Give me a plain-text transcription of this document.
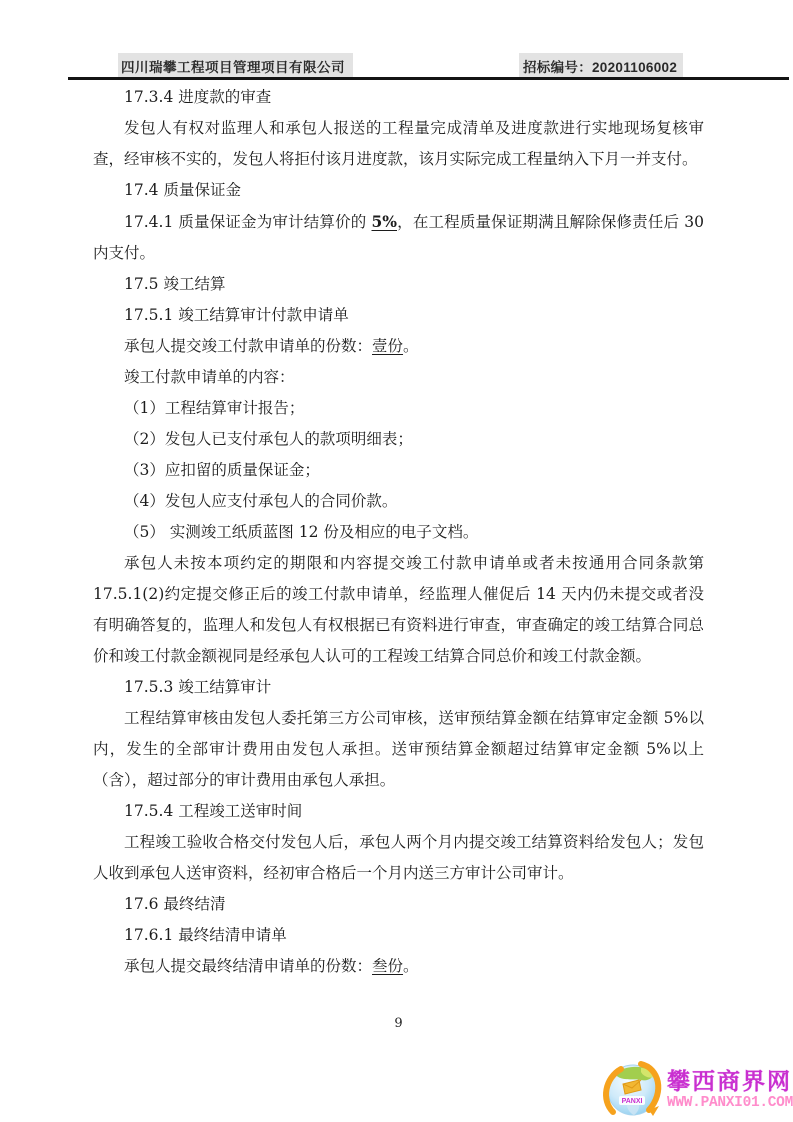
四川瑞攀工程项目管理项目有限公司	招标编号：20201106002

17.3.4 进度款的审查

发包人有权对监理人和承包人报送的工程量完成清单及进度款进行实地现场复核审查，经审核不实的，发包人将拒付该月进度款，该月实际完成工程量纳入下月一并支付。

17.4 质量保证金

17.4.1 质量保证金为审计结算价的 5%，在工程质量保证期满且解除保修责任后 30 内支付。

17.5 竣工结算

17.5.1 竣工结算审计付款申请单

承包人提交竣工付款申请单的份数：壹份。

竣工付款申请单的内容：

（1）工程结算审计报告；

（2）发包人已支付承包人的款项明细表；

（3）应扣留的质量保证金；

（4）发包人应支付承包人的合同价款。

（5） 实测竣工纸质蓝图 12 份及相应的电子文档。

承包人未按本项约定的期限和内容提交竣工付款申请单或者未按通用合同条款第17.5.1(2)约定提交修正后的竣工付款申请单，经监理人催促后 14 天内仍未提交或者没有明确答复的，监理人和发包人有权根据已有资料进行审查，审查确定的竣工结算合同总价和竣工付款金额视同是经承包人认可的工程竣工结算合同总价和竣工付款金额。

17.5.3 竣工结算审计

工程结算审核由发包人委托第三方公司审核，送审预结算金额在结算审定金额 5%以内，发生的全部审计费用由发包人承担。送审预结算金额超过结算审定金额 5%以上（含），超过部分的审计费用由承包人承担。

17.5.4 工程竣工送审时间

工程竣工验收合格交付发包人后，承包人两个月内提交竣工结算资料给发包人；发包人收到承包人送审资料，经初审合格后一个月内送三方审计公司审计。

17.6 最终结清

17.6.1 最终结清申请单

承包人提交最终结清申请单的份数：叁份。

9
PANXI
攀西商界网
WWW.PANXI01.COM
